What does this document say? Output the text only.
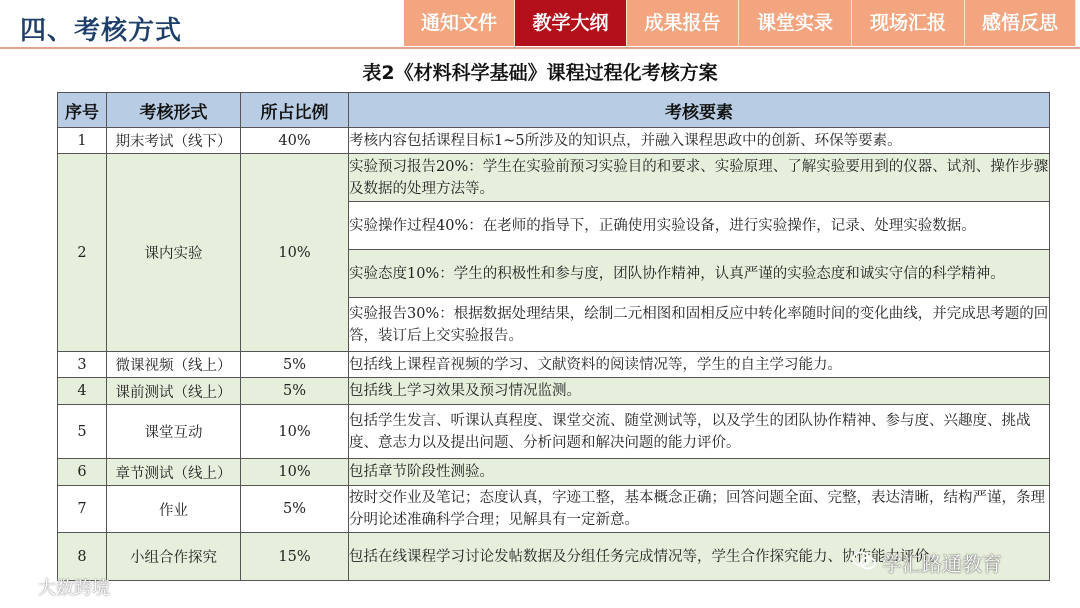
四、考核方式	通知文件	教学大纲	成果报告	课堂实录	现场汇报	感悟反思
表2《材料科学基础》课程过程化考核方案
序号	考核形式	所占比例	考核要素
1	期末考试（线下）	40%	考核内容包括课程目标1~5所涉及的知识点，并融入课程思政中的创新、环保等要素。
2	课内实验	10%	实验预习报告20%：学生在实验前预习实验目的和要求、实验原理、了解实验要用到的仪器、试剂、操作步骤及数据的处理方法等。
			实验操作过程40%：在老师的指导下，正确使用实验设备，进行实验操作，记录、处理实验数据。
			实验态度10%：学生的积极性和参与度，团队协作精神，认真严谨的实验态度和诚实守信的科学精神。
			实验报告30%：根据数据处理结果，绘制二元相图和固相反应中转化率随时间的变化曲线，并完成思考题的回答，装订后上交实验报告。
3	微课视频（线上）	5%	包括线上课程音视频的学习、文献资料的阅读情况等，学生的自主学习能力。
4	课前测试（线上）	5%	包括线上学习效果及预习情况监测。
5	课堂互动	10%	包括学生发言、听课认真程度、课堂交流、随堂测试等，以及学生的团队协作精神、参与度、兴趣度、挑战度、意志力以及提出问题、分析问题和解决问题的能力评价。
6	章节测试（线上）	10%	包括章节阶段性测验。
7	作业	5%	按时交作业及笔记；态度认真，字迹工整，基本概念正确；回答问题全面、完整，表达清晰，结构严谨，条理分明论述准确科学合理；见解具有一定新意。
8	小组合作探究	15%	包括在线课程学习讨论发帖数据及分组任务完成情况等，学生合作探究能力、协作能力评价。
大数跨境
学汇路通教育
